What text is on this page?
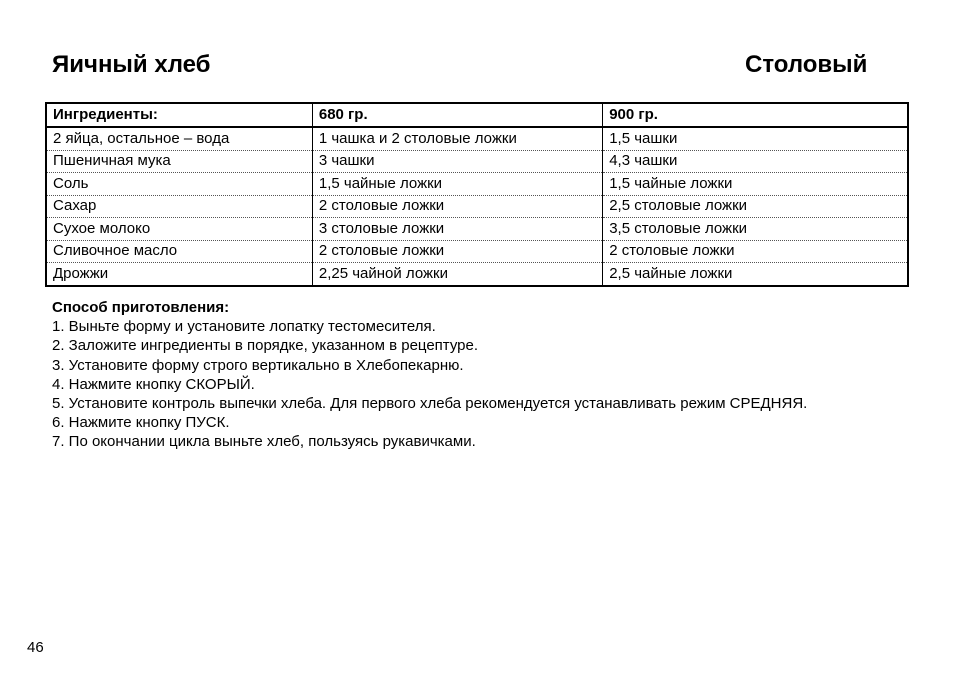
Яичный хлеб	Столовый
Ингредиенты:	680 гр.	900 гр.
2 яйца, остальное – вода	1 чашка и 2 столовые ложки	1,5 чашки
Пшеничная мука	3 чашки	4,3 чашки
Соль	1,5 чайные ложки	1,5 чайные ложки
Сахар	2 столовые ложки	2,5 столовые ложки
Сухое молоко	3 столовые ложки	3,5 столовые ложки
Сливочное масло	2 столовые ложки	2 столовые ложки
Дрожжи	2,25 чайной ложки	2,5 чайные ложки
Способ приготовления:
1. Выньте форму и установите лопатку тестомесителя.
2. Заложите ингредиенты в порядке, указанном в рецептуре.
3. Установите форму строго вертикально в Хлебопекарню.
4. Нажмите кнопку СКОРЫЙ.
5. Установите контроль выпечки хлеба. Для первого хлеба рекомендуется устанавливать режим СРЕДНЯЯ.
6. Нажмите кнопку ПУСК.
7. По окончании цикла выньте хлеб, пользуясь рукавичками.
46
